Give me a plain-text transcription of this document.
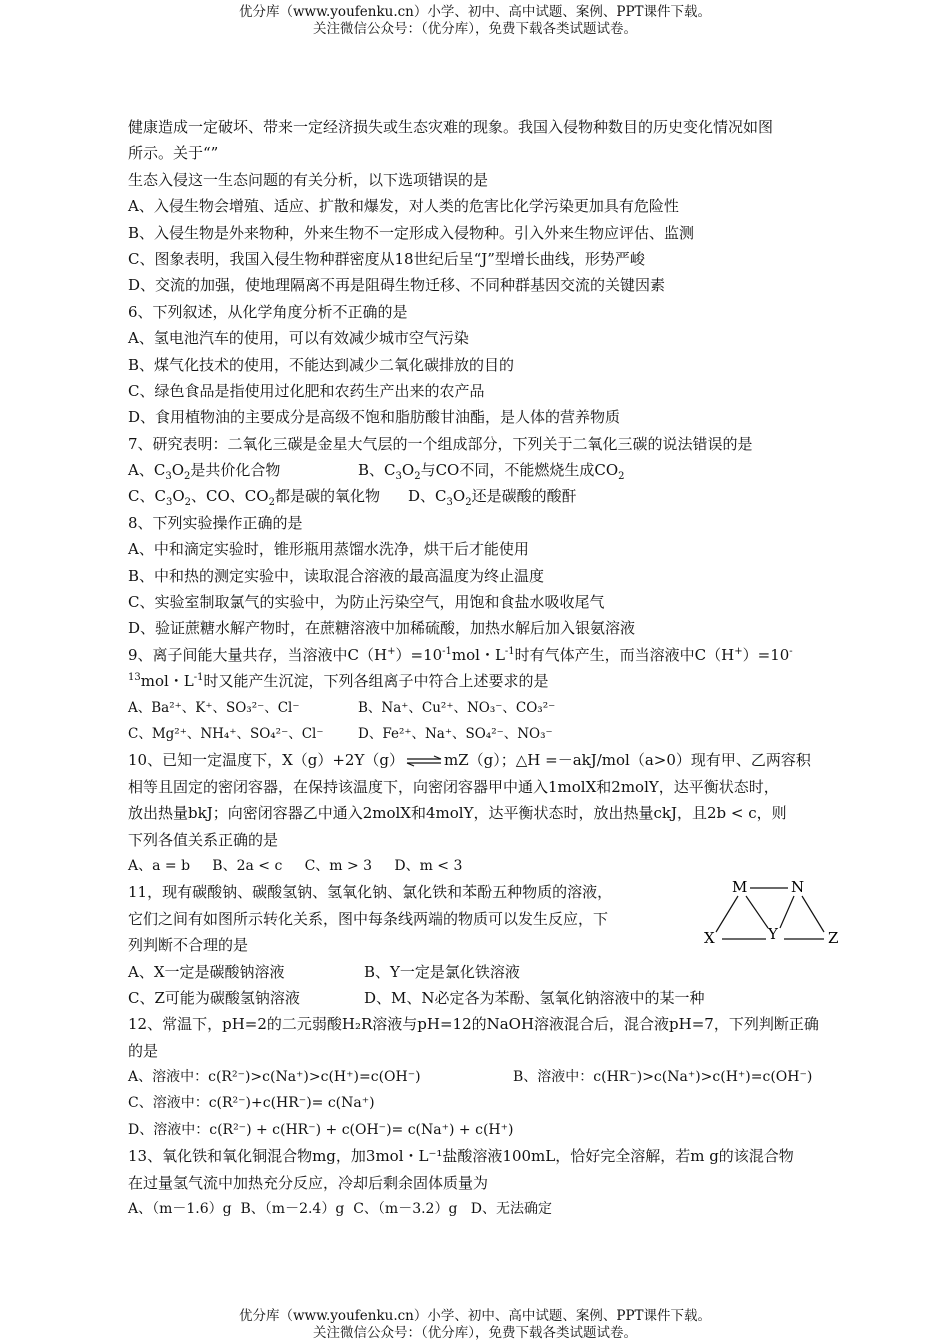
优分库（www.youfenku.cn）小学、初中、高中试题、案例、PPT课件下载。
关注微信公众号：（优分库），免费下载各类试题试卷。
健康造成一定破坏、带来一定经济损失或生态灾难的现象。我国入侵物种数目的历史变化情况如图
所示。关于“”
生态入侵这一生态问题的有关分析，以下选项错误的是
A、入侵生物会增殖、适应、扩散和爆发，对人类的危害比化学污染更加具有危险性
B、入侵生物是外来物种，外来生物不一定形成入侵物种。引入外来生物应评估、监测
C、图象表明，我国入侵生物种群密度从18世纪后呈“J”型增长曲线，形势严峻
D、交流的加强，使地理隔离不再是阻碍生物迁移、不同种群基因交流的关键因素
6、下列叙述，从化学角度分析不正确的是
A、氢电池汽车的使用，可以有效减少城市空气污染
B、煤气化技术的使用，不能达到减少二氧化碳排放的目的
C、绿色食品是指使用过化肥和农药生产出来的农产品
D、食用植物油的主要成分是高级不饱和脂肪酸甘油酯，是人体的营养物质
7、研究表明：二氧化三碳是金星大气层的一个组成部分，下列关于二氧化三碳的说法错误的是
A、$C_3O_2$是共价化合物	B、$C_3O_2$与CO不同，不能燃烧生成$CO_2$
C、$C_3O_2$、CO、$CO_2$都是碳的氧化物 D、$C_3O_2$还是碳酸的酸酐
8、下列实验操作正确的是
A、中和滴定实验时，锥形瓶用蒸馏水洗净，烘干后才能使用
B、中和热的测定实验中，读取混合溶液的最高温度为终止温度
C、实验室制取氯气的实验中，为防止污染空气，用饱和食盐水吸收尾气
D、验证蔗糖水解产物时，在蔗糖溶液中加稀硫酸，加热水解后加入银氨溶液
9、离子间能大量共存，当溶液中$C(H^+)=10^{-1}mol$・$L^{-1}$时有气体产生，而当溶液中C（H+）=10-
$^{13}$mol・$L^{-1}$时又能产生沉淀，下列各组离子中符合上述要求的是
A、Ba²⁺、K⁺、SO₃²⁻、Cl⁻	B、Na⁺、Cu²⁺、NO₃⁻、CO₃²⁻
C、Mg²⁺、NH₄⁺、SO₄²⁻、Cl⁻	D、Fe²⁺、Na⁺、SO₄²⁻、NO₃⁻
10、已知一定温度下，X（g）+2Y（g） ⇌ mZ（g）；△H =－akJ/mol（a>0）现有甲、乙两容积
相等且固定的密闭容器，在保持该温度下，向密闭容器甲中通入1molX和2molY，达平衡状态时，
放出热量bkJ；向密闭容器乙中通入2molX和4molY，达平衡状态时，放出热量ckJ，且2b < c，则
下列各值关系正确的是
A、a = b     B、2a < c     C、m > 3     D、m < 3
11，现有碳酸钠、碳酸氢钠、氢氧化钠、氯化铁和苯酚五种物质的溶液，
它们之间有如图所示转化关系，图中每条线两端的物质可以发生反应，下
列判断不合理的是
A、X一定是碳酸钠溶液	B、Y一定是氯化铁溶液
C、Z可能为碳酸氢钠溶液	D、M、N必定各为苯酚、氢氧化钠溶液中的某一种
12、常温下，pH=2的二元弱酸H₂R溶液与pH=12的NaOH溶液混合后，混合液pH=7，下列判断正确
的是
A、溶液中：c(R²⁻)>c(Na⁺)>c(H⁺)=c(OH⁻)	B、溶液中：c(HR⁻)>c(Na⁺)>c(H⁺)=c(OH⁻)
C、溶液中：c(R²⁻)+c(HR⁻)= c(Na⁺)
D、溶液中：c(R²⁻) + c(HR⁻) + c(OH⁻)= c(Na⁺) + c(H⁺)
13、氧化铁和氧化铜混合物mg，加3mol・L⁻¹盐酸溶液100mL，恰好完全溶解，若m g的该混合物
在过量氢气流中加热充分反应，冷却后剩余固体质量为
A、（m－1.6）g  B、（m－2.4）g  C、（m－3.2）g   D、无法确定
M	N
X	Y	Z
优分库（www.youfenku.cn）小学、初中、高中试题、案例、PPT课件下载。
关注微信公众号：（优分库），免费下载各类试题试卷。
